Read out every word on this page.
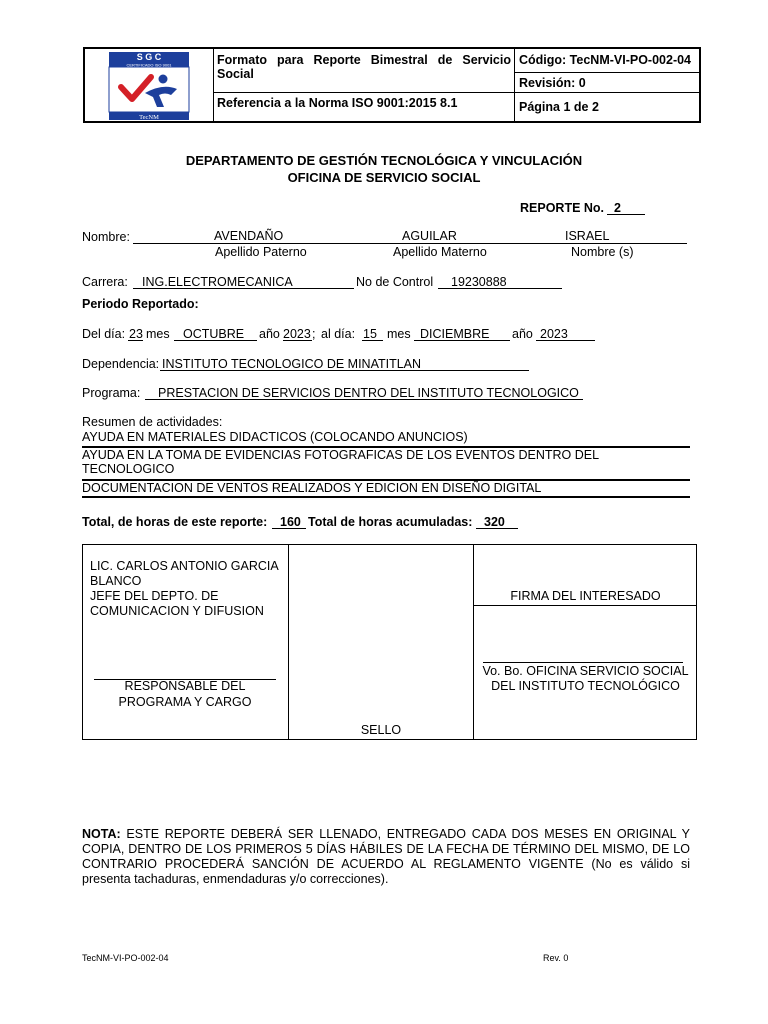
S G C
CERTIFICADO ISO 9001
TecNM
Formato para Reporte Bimestral de Servicio Social
Referencia a la Norma ISO 9001:2015 8.1
Código: TecNM-VI-PO-002-04
Revisión: 0
Página 1 de 2
DEPARTAMENTO DE GESTIÓN TECNOLÓGICA Y VINCULACIÓN
OFICINA DE SERVICIO SOCIAL
REPORTE No. 2
Nombre:	AVENDAÑO	AGUILAR	ISRAEL
Apellido Paterno	Apellido Materno	Nombre (s)
Carrera: ING.ELECTROMECANICA	No de Control 19230888
Periodo Reportado:
Del día: 23 mes OCTUBRE año 2023 ; al día: 15 mes DICIEMBRE año 2023
Dependencia: INSTITUTO TECNOLOGICO DE MINATITLAN
Programa: PRESTACION DE SERVICIOS DENTRO DEL INSTITUTO TECNOLOGICO
Resumen de actividades:
AYUDA EN MATERIALES DIDACTICOS (COLOCANDO ANUNCIOS)
AYUDA EN LA TOMA DE EVIDENCIAS FOTOGRAFICAS DE LOS EVENTOS DENTRO DEL TECNOLOGICO
DOCUMENTACION DE VENTOS REALIZADOS Y EDICION EN DISEÑO DIGITAL
Total, de horas de este reporte: 160 Total de horas acumuladas: 320
LIC. CARLOS ANTONIO GARCIA BLANCO
JEFE DEL DEPTO. DE COMUNICACION Y DIFUSION
RESPONSABLE DEL PROGRAMA Y CARGO
SELLO
FIRMA DEL INTERESADO
Vo. Bo. OFICINA SERVICIO SOCIAL DEL INSTITUTO TECNOLÓGICO
NOTA: ESTE REPORTE DEBERÁ SER LLENADO, ENTREGADO CADA DOS MESES EN ORIGINAL Y COPIA, DENTRO DE LOS PRIMEROS 5 DÍAS HÁBILES DE LA FECHA DE TÉRMINO DEL MISMO, DE LO CONTRARIO PROCEDERÁ SANCIÓN DE ACUERDO AL REGLAMENTO VIGENTE (No es válido si presenta tachaduras, enmendaduras y/o correcciones).
TecNM-VI-PO-002-04	Rev. 0
